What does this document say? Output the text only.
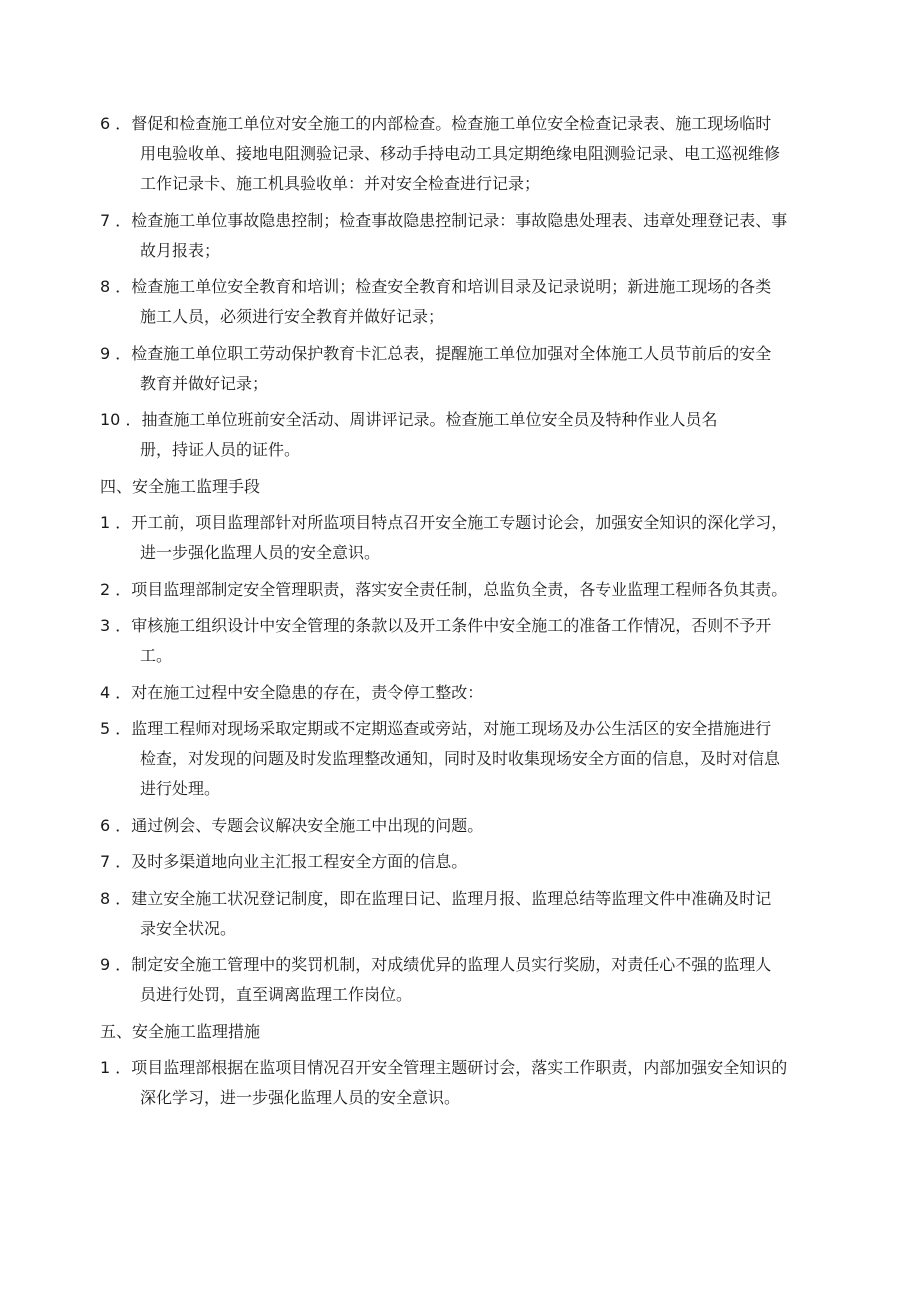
6 ．督促和检查施工单位对安全施工的内部检查。检查施工单位安全检查记录表、施工现场临时
用电验收单、接地电阻测验记录、移动手持电动工具定期绝缘电阻测验记录、电工巡视维修
工作记录卡、施工机具验收单：并对安全检查进行记录；
7 ．检查施工单位事故隐患控制；检查事故隐患控制记录：事故隐患处理表、违章处理登记表、事
故月报表；
8 ．检查施工单位安全教育和培训；检查安全教育和培训目录及记录说明；新进施工现场的各类
施工人员，必须进行安全教育并做好记录；
9 ．检查施工单位职工劳动保护教育卡汇总表，提醒施工单位加强对全体施工人员节前后的安全
教育并做好记录；
10 ．抽查施工单位班前安全活动、周讲评记录。检查施工单位安全员及特种作业人员名
册，持证人员的证件。
四、安全施工监理手段
1 ．开工前，项目监理部针对所监项目特点召开安全施工专题讨论会，加强安全知识的深化学习，
进一步强化监理人员的安全意识。
2 ．项目监理部制定安全管理职责，落实安全责任制，总监负全责，各专业监理工程师各负其责。
3 ．审核施工组织设计中安全管理的条款以及开工条件中安全施工的准备工作情况，否则不予开
工。
4 ．对在施工过程中安全隐患的存在，责令停工整改：
5 ．监理工程师对现场采取定期或不定期巡查或旁站，对施工现场及办公生活区的安全措施进行
检查，对发现的问题及时发监理整改通知，同时及时收集现场安全方面的信息，及时对信息
进行处理。
6 ．通过例会、专题会议解决安全施工中出现的问题。
7 ．及时多渠道地向业主汇报工程安全方面的信息。
8 ．建立安全施工状况登记制度，即在监理日记、监理月报、监理总结等监理文件中准确及时记
录安全状况。
9 ．制定安全施工管理中的奖罚机制，对成绩优异的监理人员实行奖励，对责任心不强的监理人
员进行处罚，直至调离监理工作岗位。
五、安全施工监理措施
1 ．项目监理部根据在监项目情况召开安全管理主题研讨会，落实工作职责，内部加强安全知识的
深化学习，进一步强化监理人员的安全意识。
